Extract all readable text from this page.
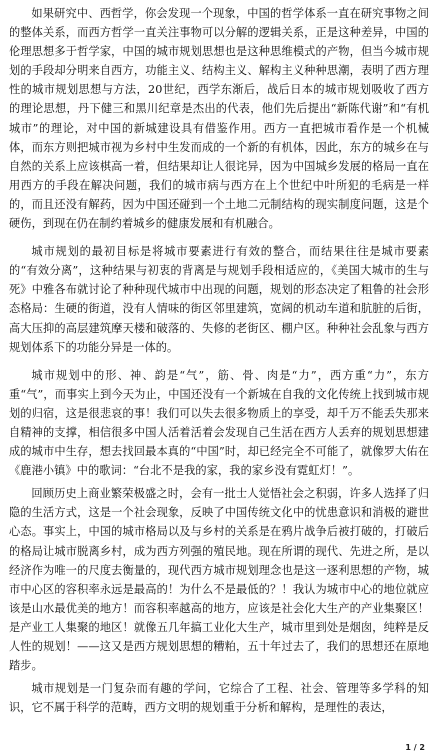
如果研究中、西哲学，你会发现一个现象，中国的哲学体系一直在研究事物之间的整体关系，而西方哲学一直关注事物可以分解的逻辑关系，正是这种差异，中国的伦理思想多于哲学家，中国的城市规划思想也是这种思维模式的产物，但当今城市规划的手段却分明来自西方，功能主义、结构主义、解构主义种种思潮，表明了西方理性的城市规划思想与方法，20世纪，西学东渐后，战后日本的城市规划吸收了西方的理论思想，丹下健三和黑川纪章是杰出的代表，他们先后提出“新陈代谢”和“有机城市”的理论，对中国的新城建设具有借鉴作用。西方一直把城市看作是一个机械体，而东方则把城市视为乡村中生发而成的一个新的有机体，因此，东方的城乡在与自然的关系上应该棋高一着，但结果却让人很诧异，因为中国城乡发展的格局一直在用西方的手段在解决问题，我们的城市病与西方在上个世纪中叶所犯的毛病是一样的，而且还没有解药，因为中国还碰到一个土地二元制结构的现实制度问题，这是个硬伤，到现在仍在制约着城乡的健康发展和有机融合。

城市规划的最初目标是将城市要素进行有效的整合，而结果往往是城市要素的“有效分离”，这种结果与初衷的背离是与规划手段相适应的，《美国大城市的生与死》中雅各布就讨论了种种现代城市中出现的问题，规划的形态决定了粗鲁的社会形态格局：生硬的街道，没有人情味的街区邻里建筑，宽阔的机动车道和肮脏的后街，高大压抑的高层建筑摩天楼和破落的、失修的老街区、棚户区。种种社会乱象与西方规划体系下的功能分异是一体的。

城市规划中的形、神、韵是“气”，筋、骨、肉是“力”，西方重“力”，东方重“气”，而事实上到今天为止，中国还没有一个新城在自我的文化传统上找到城市规划的归宿，这是很悲哀的事！我们可以失去很多物质上的享受，却千万不能丢失那来自精神的支撑，相信很多中国人活着活着会发现自己生活在西方人丢弃的规划思想建成的城市中生存，想去找回最本真的“中国”时，却已经完全不可能了，就像罗大佑在《鹿港小镇》中的歌词：“台北不是我的家，我的家乡没有霓虹灯！”。

回顾历史上商业繁荣极盛之时，会有一批士人觉悟社会之积弱，许多人选择了归隐的生活方式，这是一个社会现象，反映了中国传统文化中的忧患意识和消极的避世心态。事实上，中国的城市格局以及与乡村的关系是在鸦片战争后被打破的，打破后的格局让城市脱离乡村，成为西方列强的殖民地。现在所谓的现代、先进之所，是以经济作为唯一的尺度去衡量的，现代西方城市规划理念也是这一逐利思想的产物，城市中心区的容积率永远是最高的！为什么不是最低的？！我认为城市中心的地位就应该是山水最优美的地方！而容积率越高的地方，应该是社会化大生产的产业集聚区！是产业工人集聚的地区！就像五几年搞工业化大生产，城市里到处是烟囱，纯粹是反人性的规划！——这又是西方规划思想的糟粕，五十年过去了，我们的思想还在原地踏步。

城市规划是一门复杂而有趣的学问，它综合了工程、社会、管理等多学科的知识，它不属于科学的范畴，西方文明的规划重于分析和解构，是理性的表达，

1 / 2
